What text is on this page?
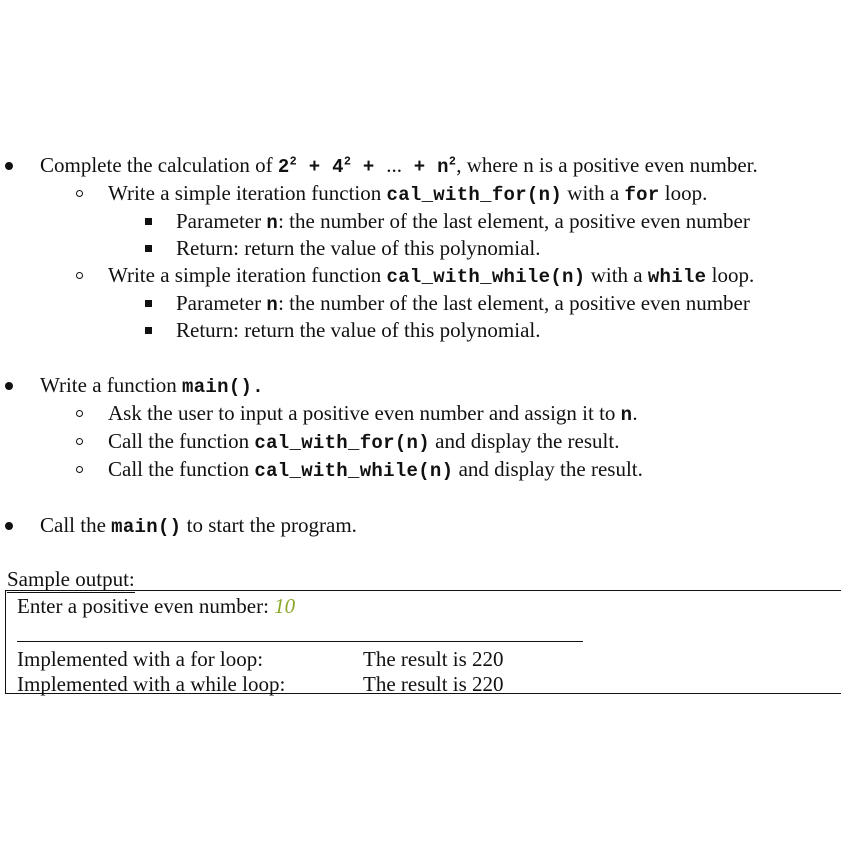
Complete the calculation of $2^2 + 4^2$ + ... + $n^2$, where n is a positive even number.
Write a simple iteration function cal_with_for(n) with a for loop.
Parameter n: the number of the last element, a positive even number
Return: return the value of this polynomial.
Write a simple iteration function cal_with_while(n) with a while loop.
Parameter n: the number of the last element, a positive even number
Return: return the value of this polynomial.
Write a function main().
Ask the user to input a positive even number and assign it to n.
Call the function cal_with_for(n) and display the result.
Call the function cal_with_while(n) and display the result.
Call the main() to start the program.
Sample output:
Enter a positive even number: 10
Implemented with a for loop:	The result is 220
Implemented with a while loop:	The result is 220
